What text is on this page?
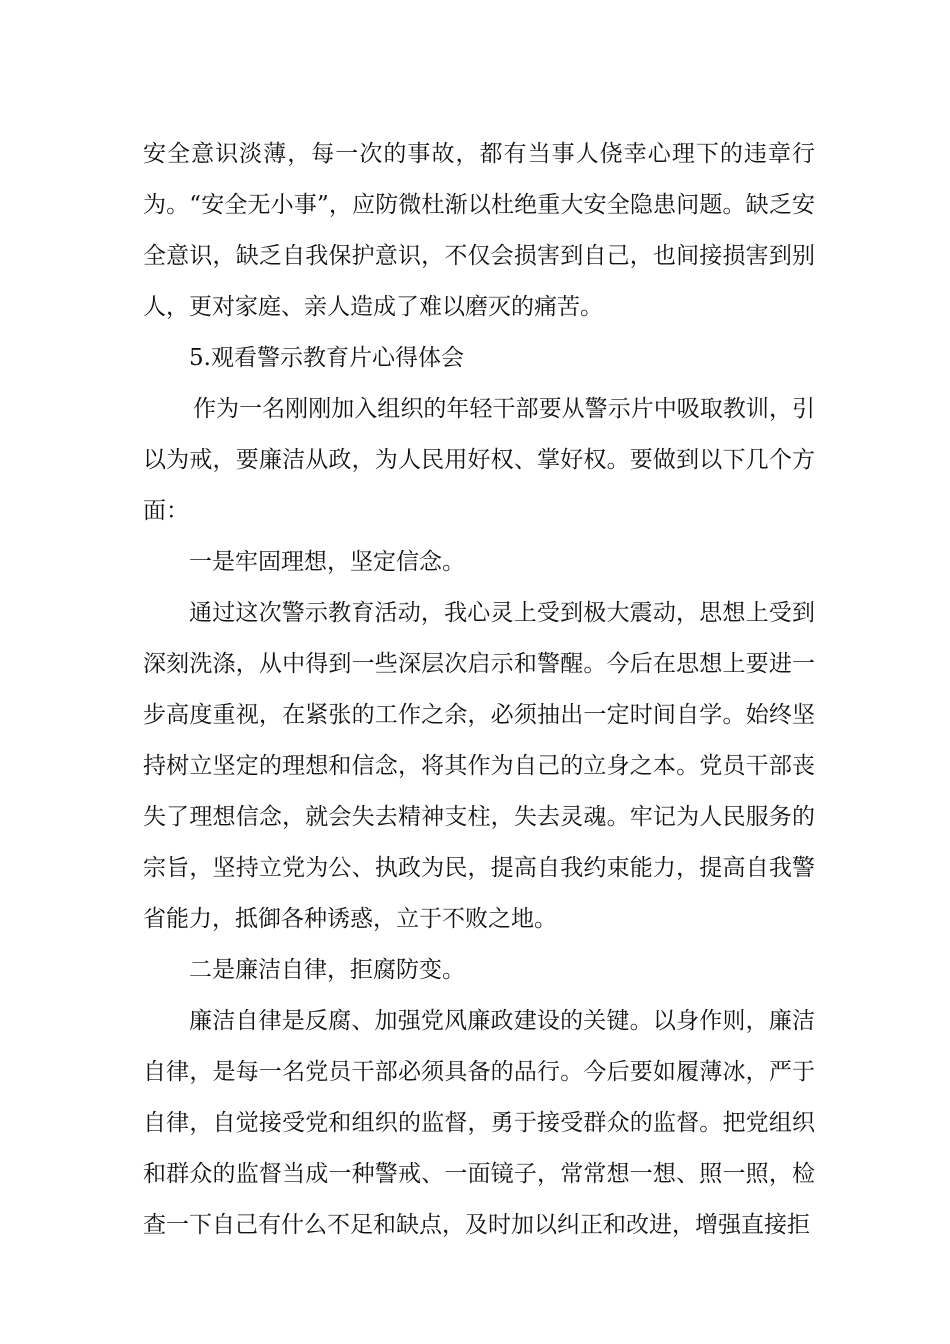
安全意识淡薄，每一次的事故，都有当事人侥幸心理下的违章行为。“安全无小事”，应防微杜渐以杜绝重大安全隐患问题。缺乏安全意识，缺乏自我保护意识，不仅会损害到自己，也间接损害到别人，更对家庭、亲人造成了难以磨灭的痛苦。

5.观看警示教育片心得体会

作为一名刚刚加入组织的年轻干部要从警示片中吸取教训，引以为戒，要廉洁从政，为人民用好权、掌好权。要做到以下几个方面：

一是牢固理想，坚定信念。

通过这次警示教育活动，我心灵上受到极大震动，思想上受到深刻洗涤，从中得到一些深层次启示和警醒。今后在思想上要进一步高度重视，在紧张的工作之余，必须抽出一定时间自学。始终坚持树立坚定的理想和信念，将其作为自己的立身之本。党员干部丧失了理想信念，就会失去精神支柱，失去灵魂。牢记为人民服务的宗旨，坚持立党为公、执政为民，提高自我约束能力，提高自我警省能力，抵御各种诱惑，立于不败之地。

二是廉洁自律，拒腐防变。

廉洁自律是反腐、加强党风廉政建设的关键。以身作则，廉洁自律，是每一名党员干部必须具备的品行。今后要如履薄冰，严于自律，自觉接受党和组织的监督，勇于接受群众的监督。把党组织和群众的监督当成一种警戒、一面镜子，常常想一想、照一照，检查一下自己有什么不足和缺点，及时加以纠正和改进，增强直接拒
